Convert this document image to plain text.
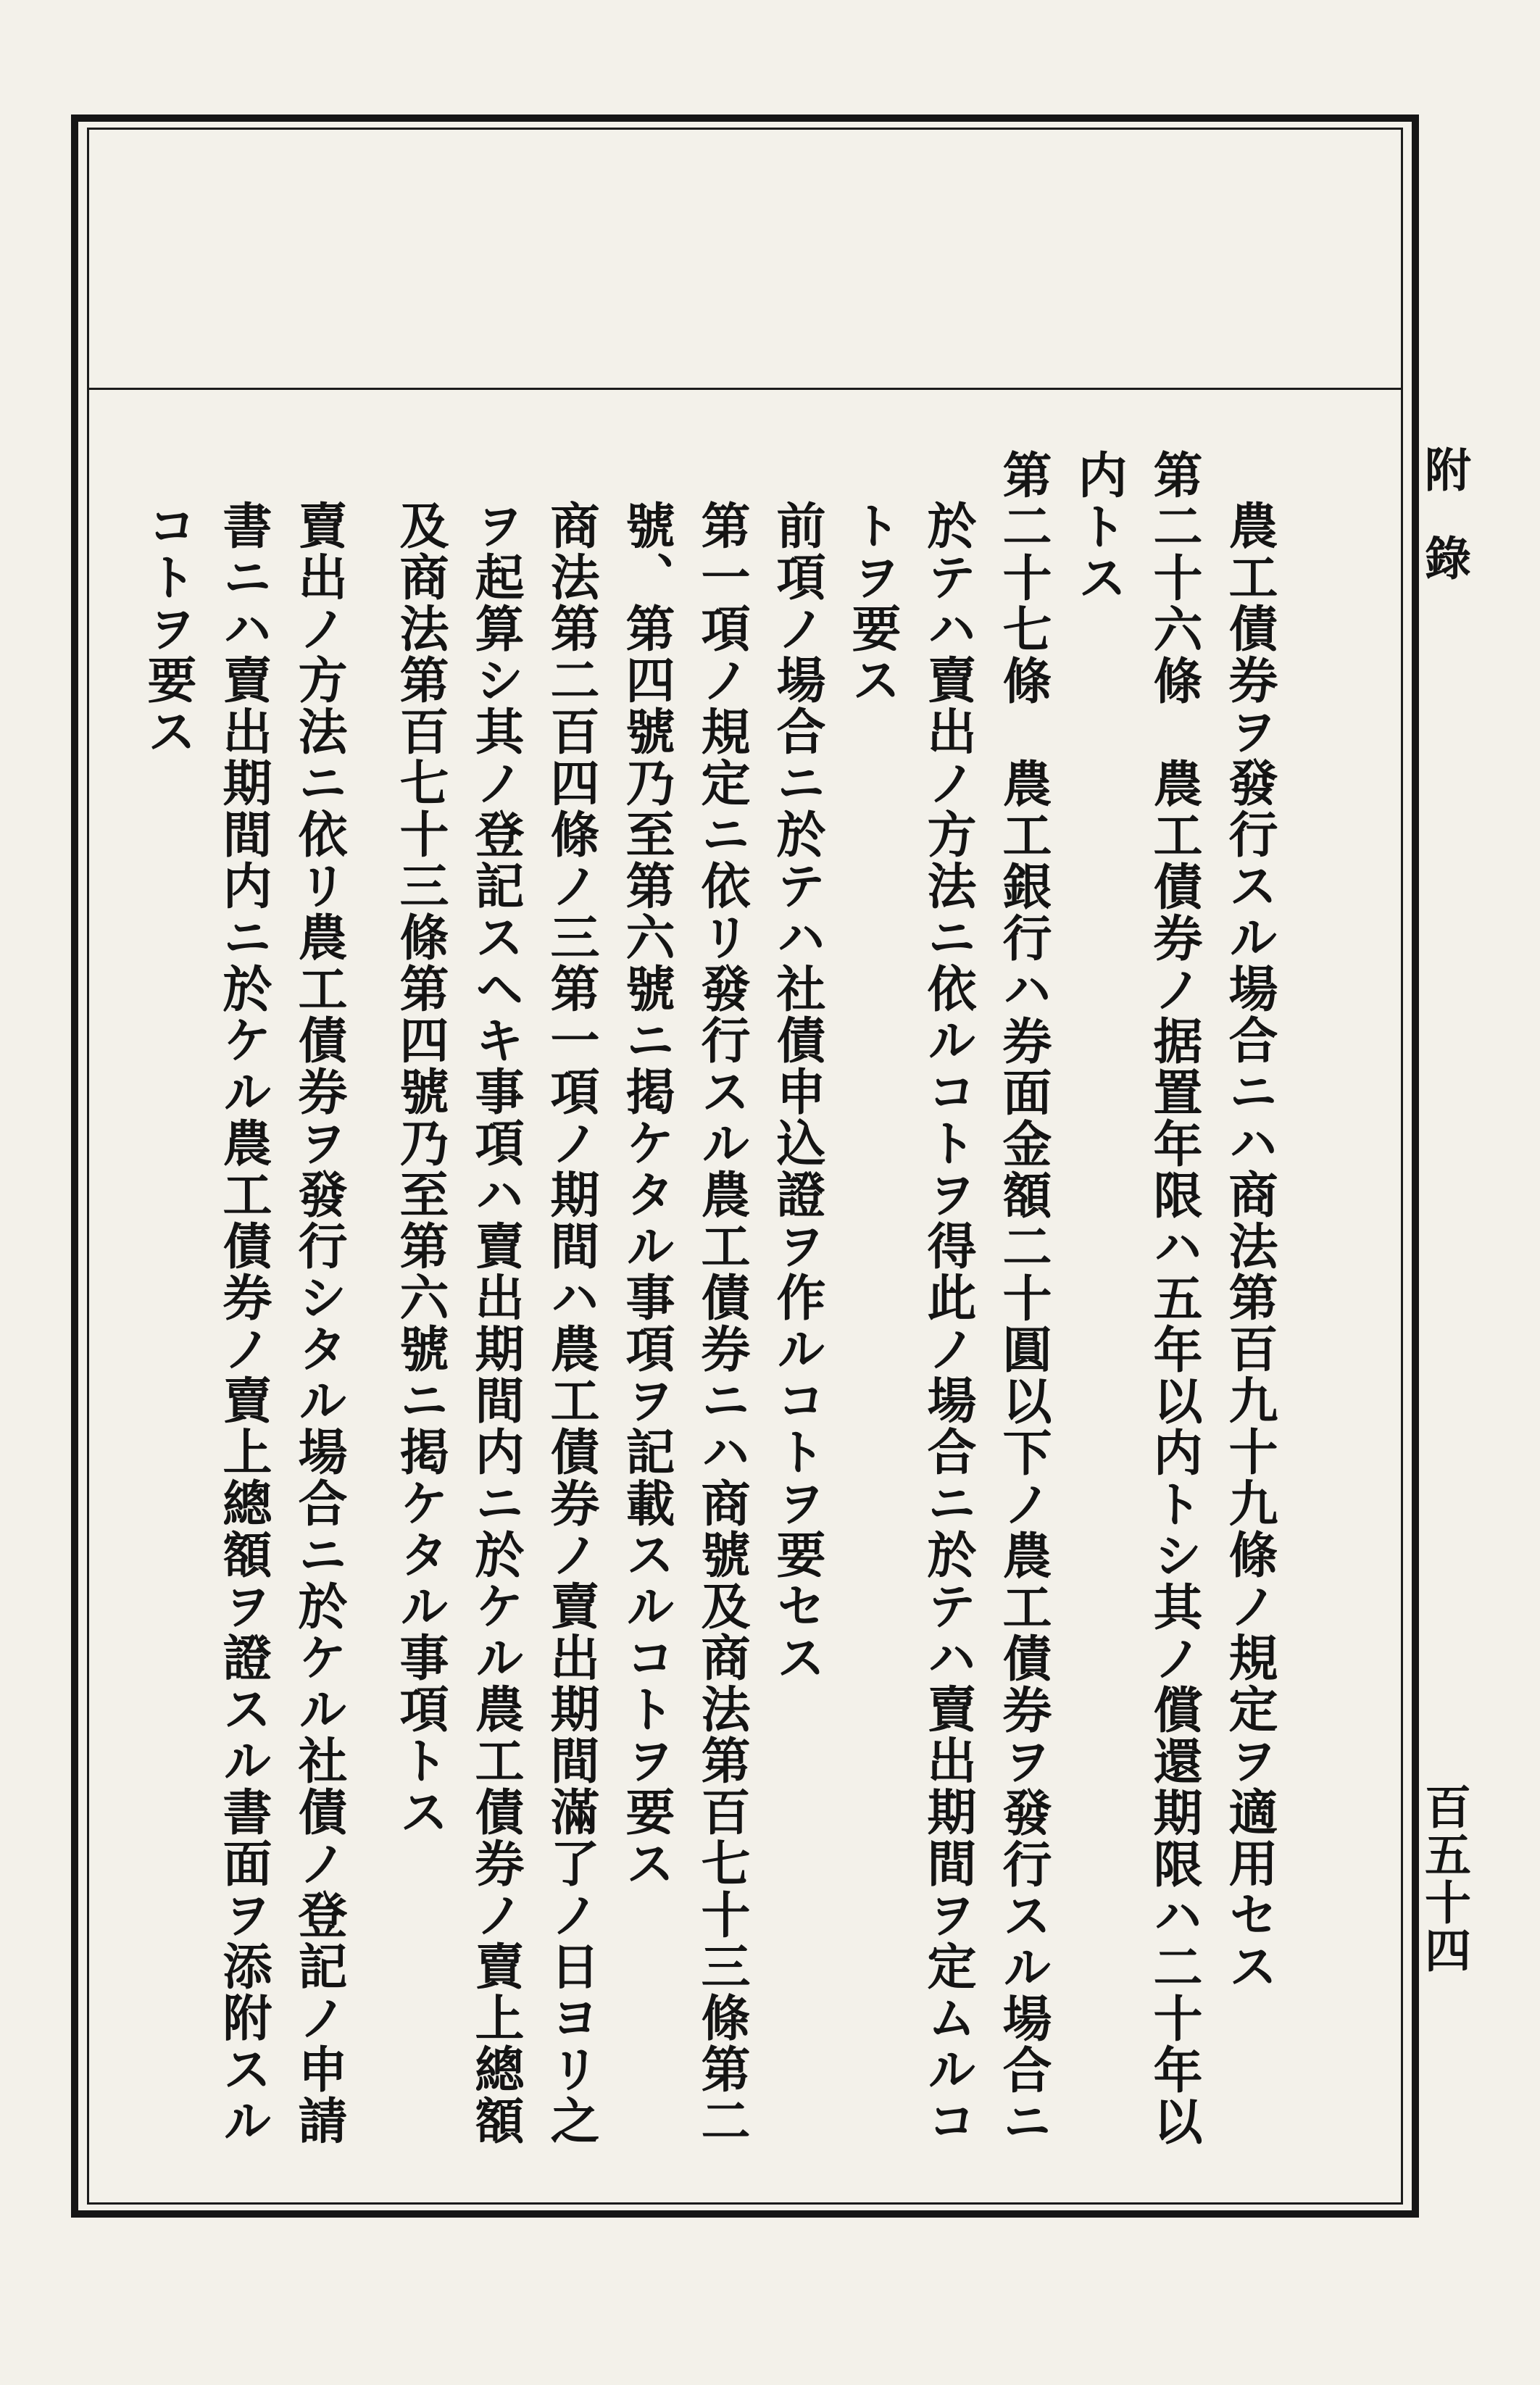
附錄
百五十四
農工債券ヲ發行スル場合ニハ商法第百九十九條ノ規定ヲ適用セス
第二十六條　農工債券ノ据置年限ハ五年以内トシ其ノ償還期限ハ二十年以
内トス
第二十七條　農工銀行ハ券面金額二十圓以下ノ農工債券ヲ發行スル場合ニ
於テハ賣出ノ方法ニ依ルコトヲ得此ノ場合ニ於テハ賣出期間ヲ定ムルコ
トヲ要ス
前項ノ場合ニ於テハ社債申込證ヲ作ルコトヲ要セス
第一項ノ規定ニ依リ發行スル農工債券ニハ商號及商法第百七十三條第二
號、第四號乃至第六號ニ掲ケタル事項ヲ記載スルコトヲ要ス
商法第二百四條ノ三第一項ノ期間ハ農工債券ノ賣出期間滿了ノ日ヨリ之
ヲ起算シ其ノ登記スヘキ事項ハ賣出期間内ニ於ケル農工債券ノ賣上總額
及商法第百七十三條第四號乃至第六號ニ掲ケタル事項トス
賣出ノ方法ニ依リ農工債券ヲ發行シタル場合ニ於ケル社債ノ登記ノ申請
書ニハ賣出期間内ニ於ケル農工債券ノ賣上總額ヲ證スル書面ヲ添附スル
コトヲ要ス
